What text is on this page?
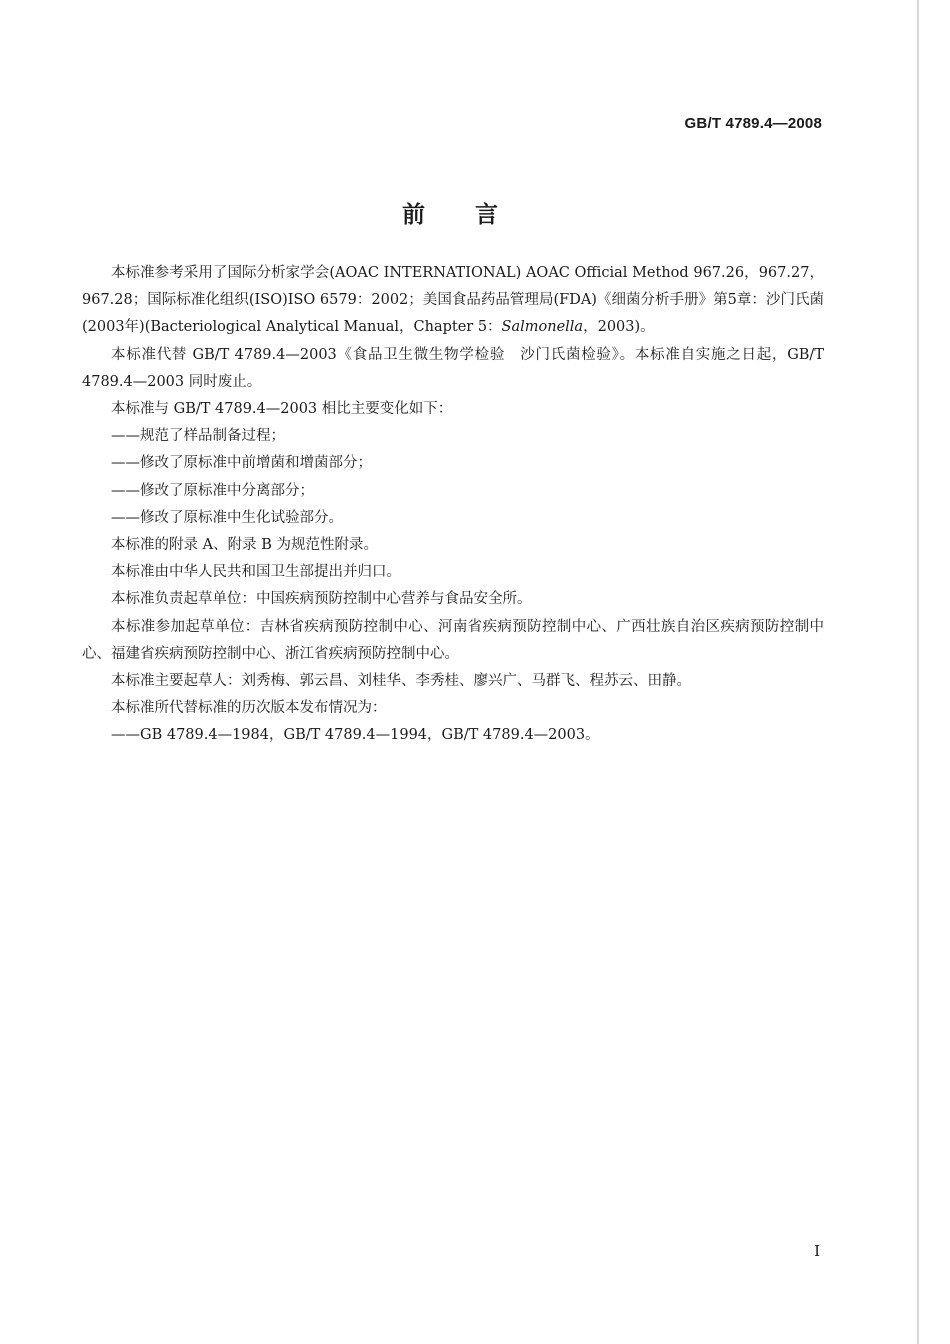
GB/T 4789.4—2008
前言

本标准参考采用了国际分析家学会(AOAC INTERNATIONAL) AOAC Official Method 967.26，967.27，967.28；国际标准化组织(ISO)ISO 6579：2002；美国食品药品管理局(FDA)《细菌分析手册》第5章：沙门氏菌(2003年)(Bacteriological Analytical Manual，Chapter 5：Salmonella，2003)。

本标准代替 GB/T 4789.4—2003《食品卫生微生物学检验　沙门氏菌检验》。本标准自实施之日起，GB/T 4789.4—2003 同时废止。

本标准与 GB/T 4789.4—2003 相比主要变化如下：

——规范了样品制备过程；

——修改了原标准中前增菌和增菌部分；

——修改了原标准中分离部分；

——修改了原标准中生化试验部分。

本标准的附录 A、附录 B 为规范性附录。

本标准由中华人民共和国卫生部提出并归口。

本标准负责起草单位：中国疾病预防控制中心营养与食品安全所。

本标准参加起草单位：吉林省疾病预防控制中心、河南省疾病预防控制中心、广西壮族自治区疾病预防控制中心、福建省疾病预防控制中心、浙江省疾病预防控制中心。

本标准主要起草人：刘秀梅、郭云昌、刘桂华、李秀桂、廖兴广、马群飞、程苏云、田静。

本标准所代替标准的历次版本发布情况为：

——GB 4789.4—1984，GB/T 4789.4—1994，GB/T 4789.4—2003。

I
